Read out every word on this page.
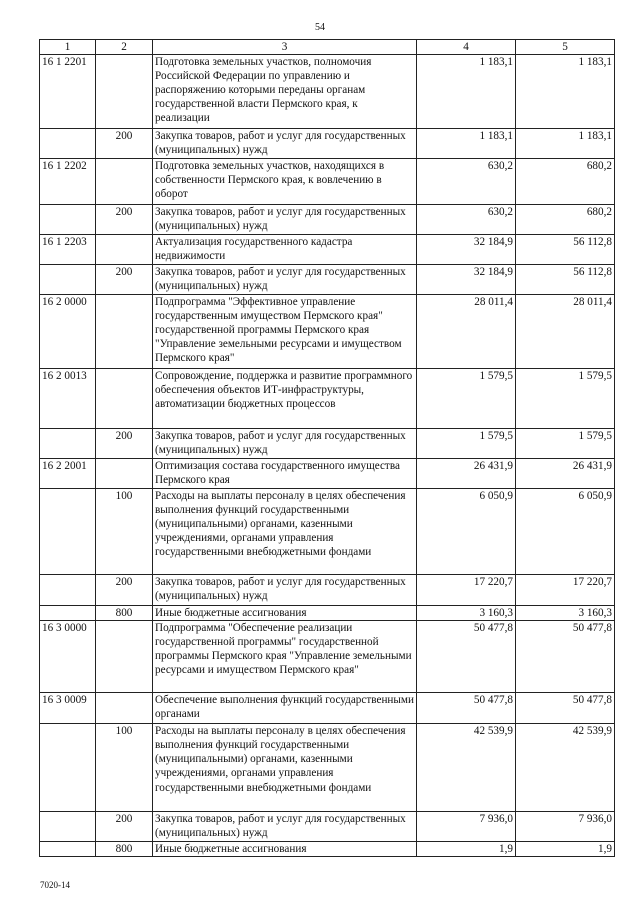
54
1	2	3	4	5
16 1 2201		Подготовка земельных участков, полномочия Российской Федерации по управлению и распоряжению которыми переданы органам государственной власти Пермского края, к реализации	1 183,1	1 183,1
	200	Закупка товаров, работ и услуг для государственных (муниципальных) нужд	1 183,1	1 183,1
16 1 2202		Подготовка земельных участков, находящихся в собственности Пермского края, к вовлечению в оборот	630,2	680,2
	200	Закупка товаров, работ и услуг для государственных (муниципальных) нужд	630,2	680,2
16 1 2203		Актуализация государственного кадастра недвижимости	32 184,9	56 112,8
	200	Закупка товаров, работ и услуг для государственных (муниципальных) нужд	32 184,9	56 112,8
16 2 0000		Подпрограмма "Эффективное управление государственным имуществом Пермского края" государственной программы Пермского края "Управление земельными ресурсами и имуществом Пермского края"	28 011,4	28 011,4
16 2 0013		Сопровождение, поддержка и развитие программного обеспечения объектов ИТ-инфраструктуры, автоматизации бюджетных процессов	1 579,5	1 579,5
	200	Закупка товаров, работ и услуг для государственных (муниципальных) нужд	1 579,5	1 579,5
16 2 2001		Оптимизация состава государственного имущества Пермского края	26 431,9	26 431,9
	100	Расходы на выплаты персоналу в целях обеспечения выполнения функций государственными (муниципальными) органами, казенными учреждениями, органами управления государственными внебюджетными фондами	6 050,9	6 050,9
	200	Закупка товаров, работ и услуг для государственных (муниципальных) нужд	17 220,7	17 220,7
	800	Иные бюджетные ассигнования	3 160,3	3 160,3
16 3 0000		Подпрограмма "Обеспечение реализации государственной программы" государственной программы Пермского края "Управление земельными ресурсами и имуществом Пермского края"	50 477,8	50 477,8
16 3 0009		Обеспечение выполнения функций государственными органами	50 477,8	50 477,8
	100	Расходы на выплаты персоналу в целях обеспечения выполнения функций государственными (муниципальными) органами, казенными учреждениями, органами управления государственными внебюджетными фондами	42 539,9	42 539,9
	200	Закупка товаров, работ и услуг для государственных (муниципальных) нужд	7 936,0	7 936,0
	800	Иные бюджетные ассигнования	1,9	1,9
7020-14
